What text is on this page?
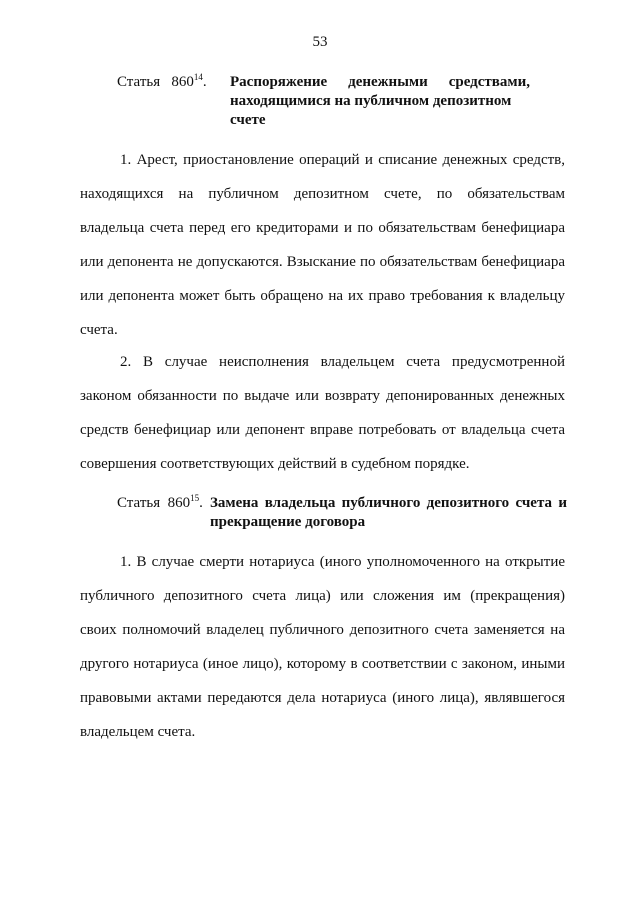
53
Статья $860^{14}$. Распоряжение денежными средствами,
находящимися на публичном депозитном
счете
1. Арест, приостановление операций и списание денежных средств,
находящихся на публичном депозитном счете, по обязательствам
владельца счета перед его кредиторами и по обязательствам бенефициара
или депонента не допускаются. Взыскание по обязательствам бенефициара
или депонента может быть обращено на их право требования к владельцу
счета.
2. В случае неисполнения владельцем счета предусмотренной
законом обязанности по выдаче или возврату депонированных денежных
средств бенефициар или депонент вправе потребовать от владельца счета
совершения соответствующих действий в судебном порядке.
Статья $860^{15}$. Замена владельца публичного депозитного счета и
прекращение договора
1. В случае смерти нотариуса (иного уполномоченного на открытие
публичного депозитного счета лица) или сложения им (прекращения)
своих полномочий владелец публичного депозитного счета заменяется на
другого нотариуса (иное лицо), которому в соответствии с законом, иными
правовыми актами передаются дела нотариуса (иного лица), являвшегося
владельцем счета.
